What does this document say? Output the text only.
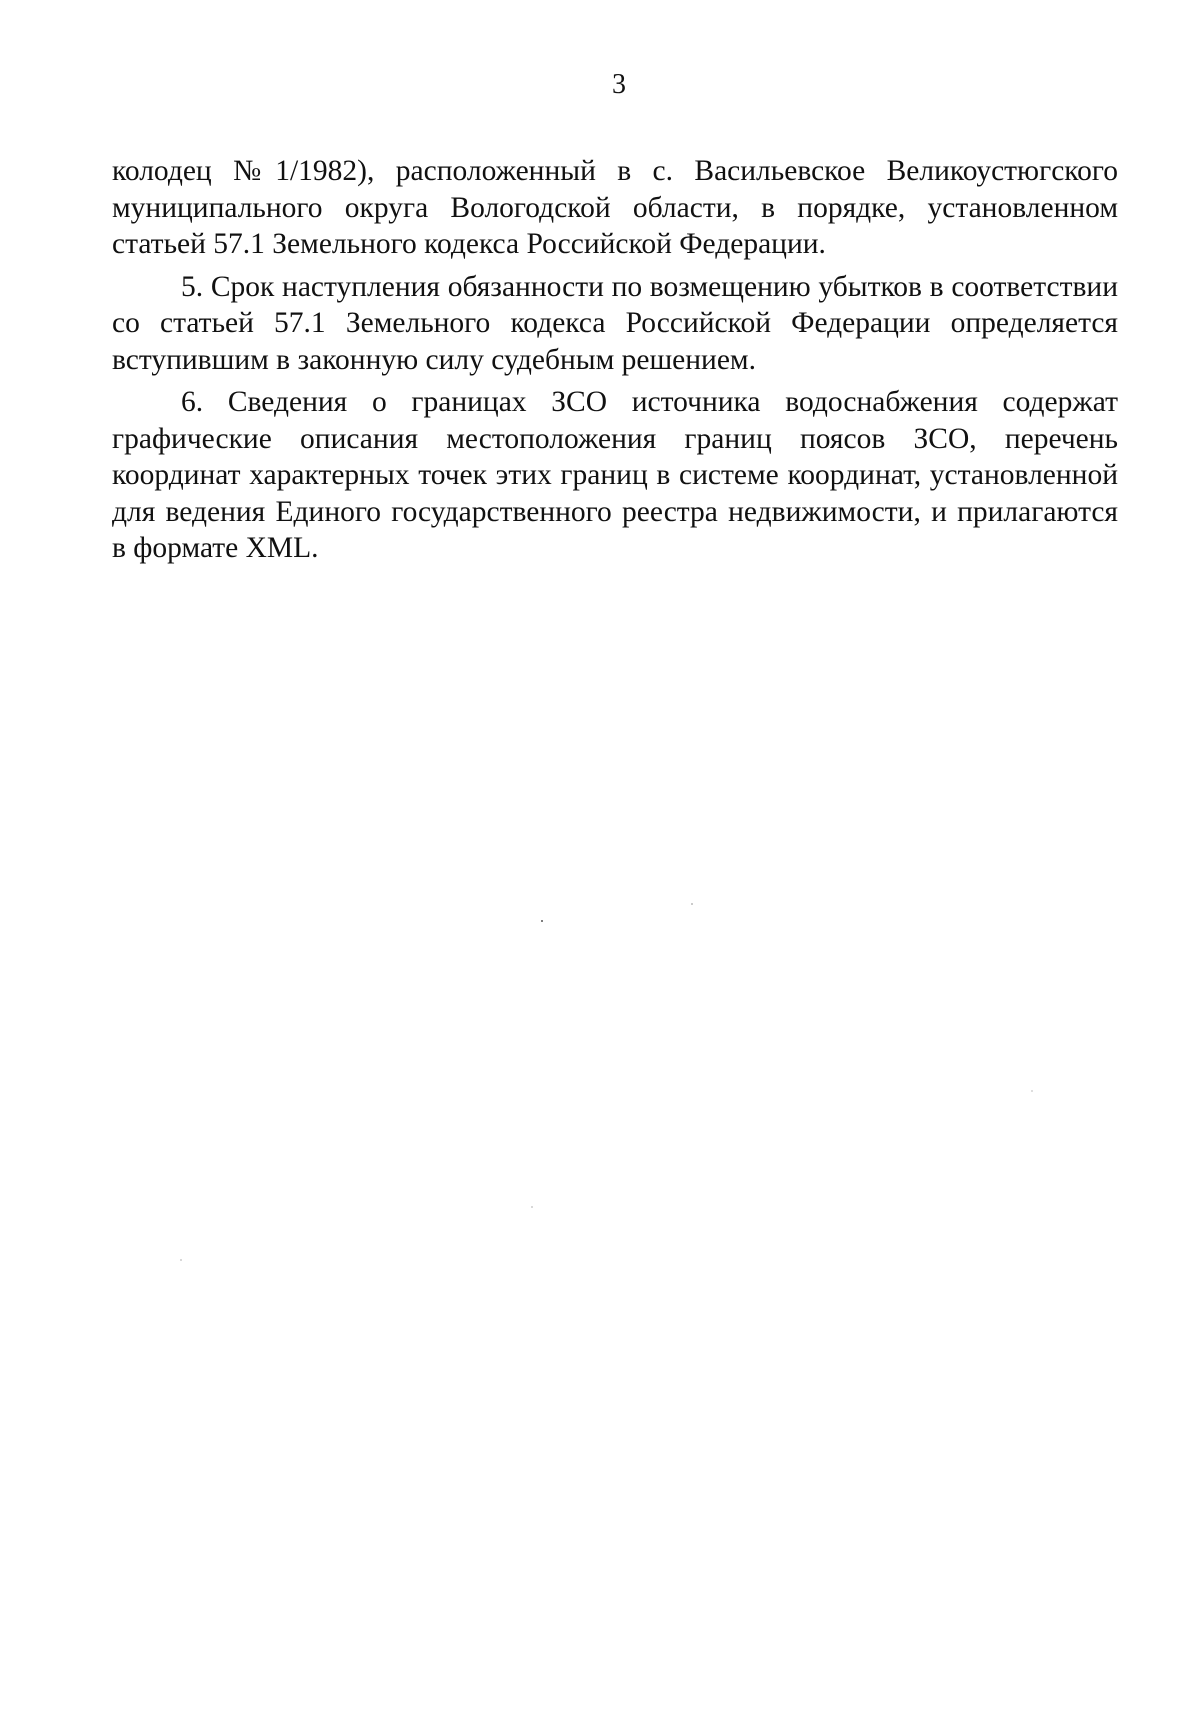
3

колодец №1/1982), расположенный в с. Васильевское Великоустюгского муниципального округа Вологодской области, в порядке, установленном статьей 57.1 Земельного кодекса Российской Федерации.

5. Срок наступления обязанности по возмещению убытков в соответствии со статьей 57.1 Земельного кодекса Российской Федерации определяется вступившим в законную силу судебным решением.

6. Сведения о границах ЗСО источника водоснабжения содержат графические описания местоположения границ поясов ЗСО, перечень координат характерных точек этих границ в системе координат, установленной для ведения Единого государственного реестра недвижимости, и прилагаются в формате XML.
